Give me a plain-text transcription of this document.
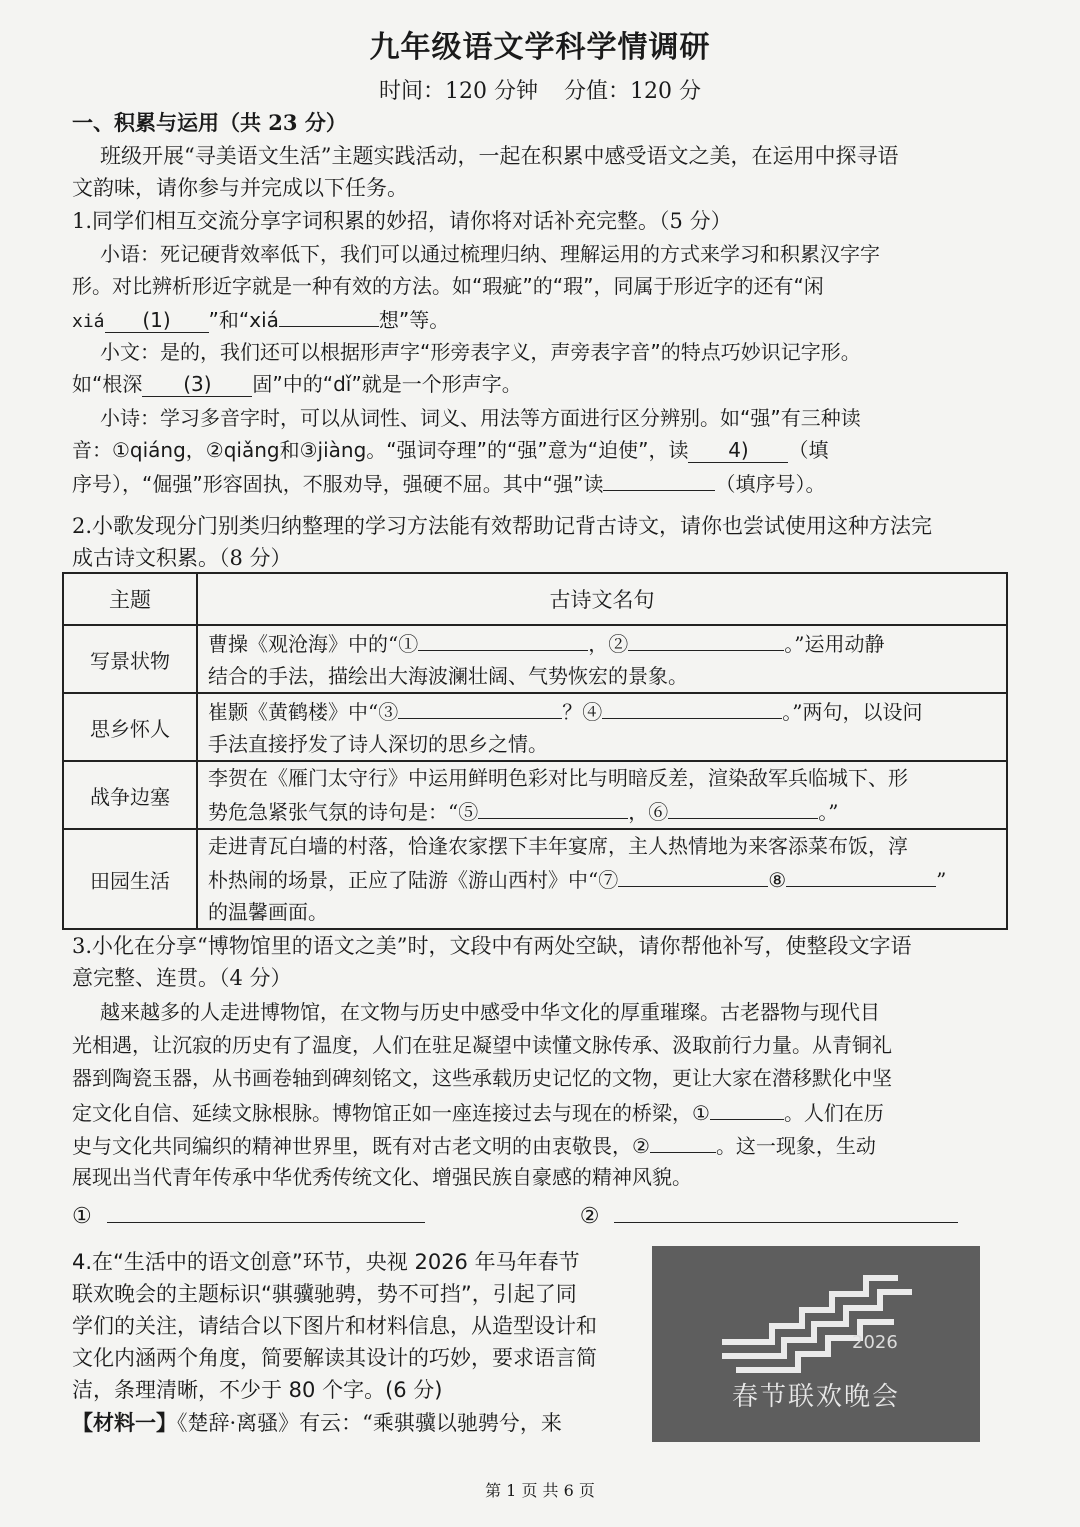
九年级语文学科学情调研
时间：120 分钟 分值：120 分
一、积累与运用（共 23 分）
班级开展“寻美语文生活”主题实践活动，一起在积累中感受语文之美，在运用中探寻语
文韵味，请你参与并完成以下任务。
1.同学们相互交流分享字词积累的妙招，请你将对话补充完整。（5 分）
小语：死记硬背效率低下，我们可以通过梳理归纳、理解运用的方式来学习和积累汉字字
形。对比辨析形近字就是一种有效的方法。如“瑕疵”的“瑕”，同属于形近字的还有“闲
xiá (1) ”和“xiá	想”等。
小文：是的，我们还可以根据形声字“形旁表字义，声旁表字音”的特点巧妙识记字形。
如“根深 (3) 固”中的“dǐ”就是一个形声字。
小诗：学习多音字时，可以从词性、词义、用法等方面进行区分辨别。如“强”有三种读
音：①qiáng，②qiǎng和③jiàng。“强词夺理”的“强”意为“迫使”，读 4) （填
序号），“倔强”形容固执，不服劝导，强硬不屈。其中“强”读	（填序号）。
2.小歌发现分门别类归纳整理的学习方法能有效帮助记背古诗文，请你也尝试使用这种方法完
成古诗文积累。（8 分）
主题	古诗文名句
写景状物	曹操《观沧海》中的“① ，② 。”运用动静
结合的手法，描绘出大海波澜壮阔、气势恢宏的景象。
思乡怀人	崔颢《黄鹤楼》中“③ ？④ 。”两句，以设问
手法直接抒发了诗人深切的思乡之情。
战争边塞	李贺在《雁门太守行》中运用鲜明色彩对比与明暗反差，渲染敌军兵临城下、形
势危急紧张气氛的诗句是：“⑤ ，⑥ 。”
田园生活	走进青瓦白墙的村落，恰逢农家摆下丰年宴席，主人热情地为来客添菜布饭，淳
朴热闹的场景，正应了陆游《游山西村》中“⑦ ⑧ ”
的温馨画面。
3.小化在分享“博物馆里的语文之美”时，文段中有两处空缺，请你帮他补写，使整段文字语
意完整、连贯。（4 分）
越来越多的人走进博物馆，在文物与历史中感受中华文化的厚重璀璨。古老器物与现代目
光相遇，让沉寂的历史有了温度，人们在驻足凝望中读懂文脉传承、汲取前行力量。从青铜礼
器到陶瓷玉器，从书画卷轴到碑刻铭文，这些承载历史记忆的文物，更让大家在潜移默化中坚
定文化自信、延续文脉根脉。博物馆正如一座连接过去与现在的桥梁，①	。人们在历
史与文化共同编织的精神世界里，既有对古老文明的由衷敬畏，②	。这一现象，生动
展现出当代青年传承中华优秀传统文化、增强民族自豪感的精神风貌。
①	②
4.在“生活中的语文创意”环节，央视 2026 年马年春节
联欢晚会的主题标识“骐骥驰骋，势不可挡”，引起了同
学们的关注，请结合以下图片和材料信息，从造型设计和
文化内涵两个角度，简要解读其设计的巧妙，要求语言简
洁，条理清晰，不少于 80 个字。(6 分)
【材料一】《楚辞·离骚》有云：“乘骐骥以驰骋兮，来
2026
春节联欢晚会
第 1 页 共 6 页
